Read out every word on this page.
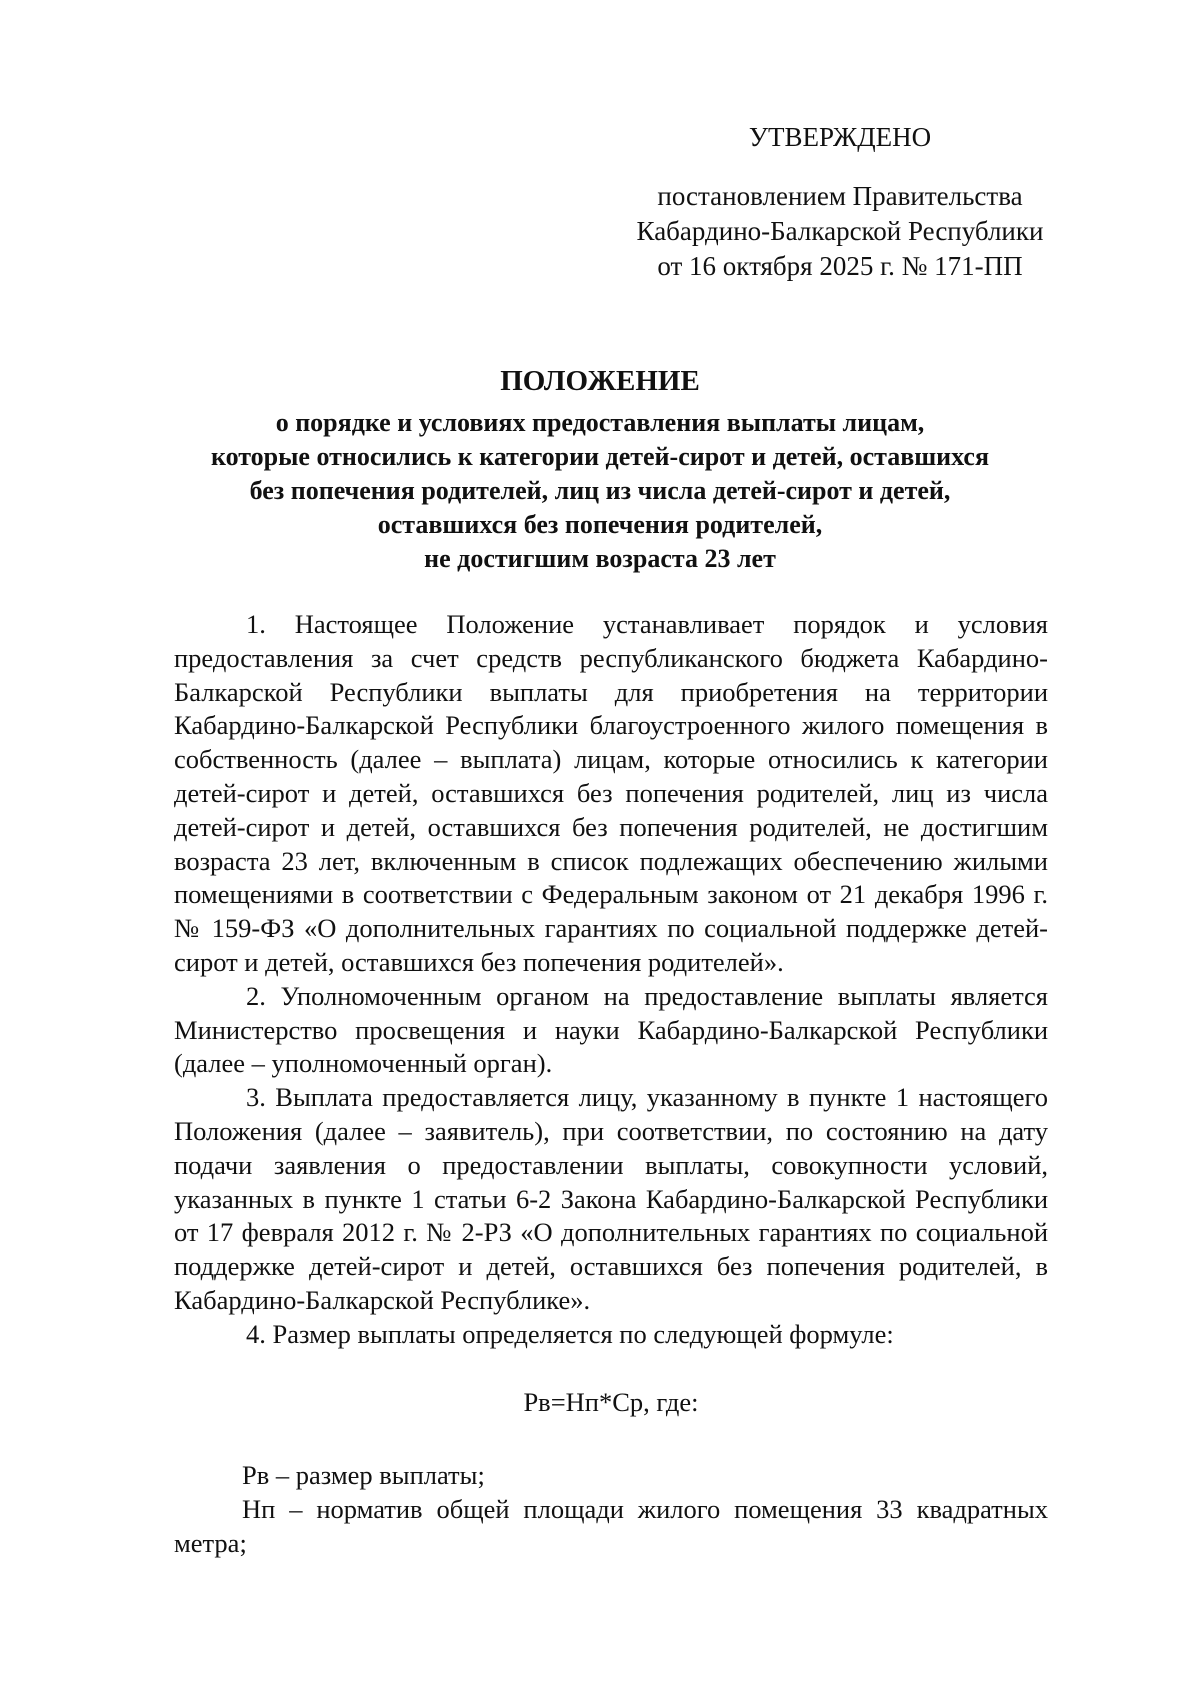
УТВЕРЖДЕНО
постановлением Правительства
Кабардино-Балкарской Республики
от 16 октября 2025 г. № 171-ПП
ПОЛОЖЕНИЕ
о порядке и условиях предоставления выплаты лицам,
которые относились к категории детей-сирот и детей, оставшихся
без попечения родителей, лиц из числа детей-сирот и детей,
оставшихся без попечения родителей,
не достигшим возраста 23 лет

1. Настоящее Положение устанавливает порядок и условия предоставления за счет средств республиканского бюджета Кабардино-Балкарской Республики выплаты для приобретения на территории Кабардино-Балкарской Республики благоустроенного жилого помещения в собственность (далее – выплата) лицам, которые относились к категории детей-сирот и детей, оставшихся без попечения родителей, лиц из числа детей-сирот и детей, оставшихся без попечения родителей, не достигшим возраста 23 лет, включенным в список подлежащих обеспечению жилыми помещениями в соответствии с Федеральным законом от 21 декабря 1996 г. № 159-ФЗ «О дополнительных гарантиях по социальной поддержке детей-сирот и детей, оставшихся без попечения родителей».

2. Уполномоченным органом на предоставление выплаты является Министерство просвещения и науки Кабардино-Балкарской Республики (далее – уполномоченный орган).

3. Выплата предоставляется лицу, указанному в пункте 1 настоящего Положения (далее – заявитель), при соответствии, по состоянию на дату подачи заявления о предоставлении выплаты, совокупности условий, указанных в пункте 1 статьи 6-2 Закона Кабардино-Балкарской Республики от 17 февраля 2012 г. № 2-РЗ «О дополнительных гарантиях по социальной поддержке детей-сирот и детей, оставшихся без попечения родителей, в Кабардино-Балкарской Республике».

4. Размер выплаты определяется по следующей формуле:

Рв=Нп*Ср, где:

Рв – размер выплаты;

Нп – норматив общей площади жилого помещения 33 квадратных метра;
